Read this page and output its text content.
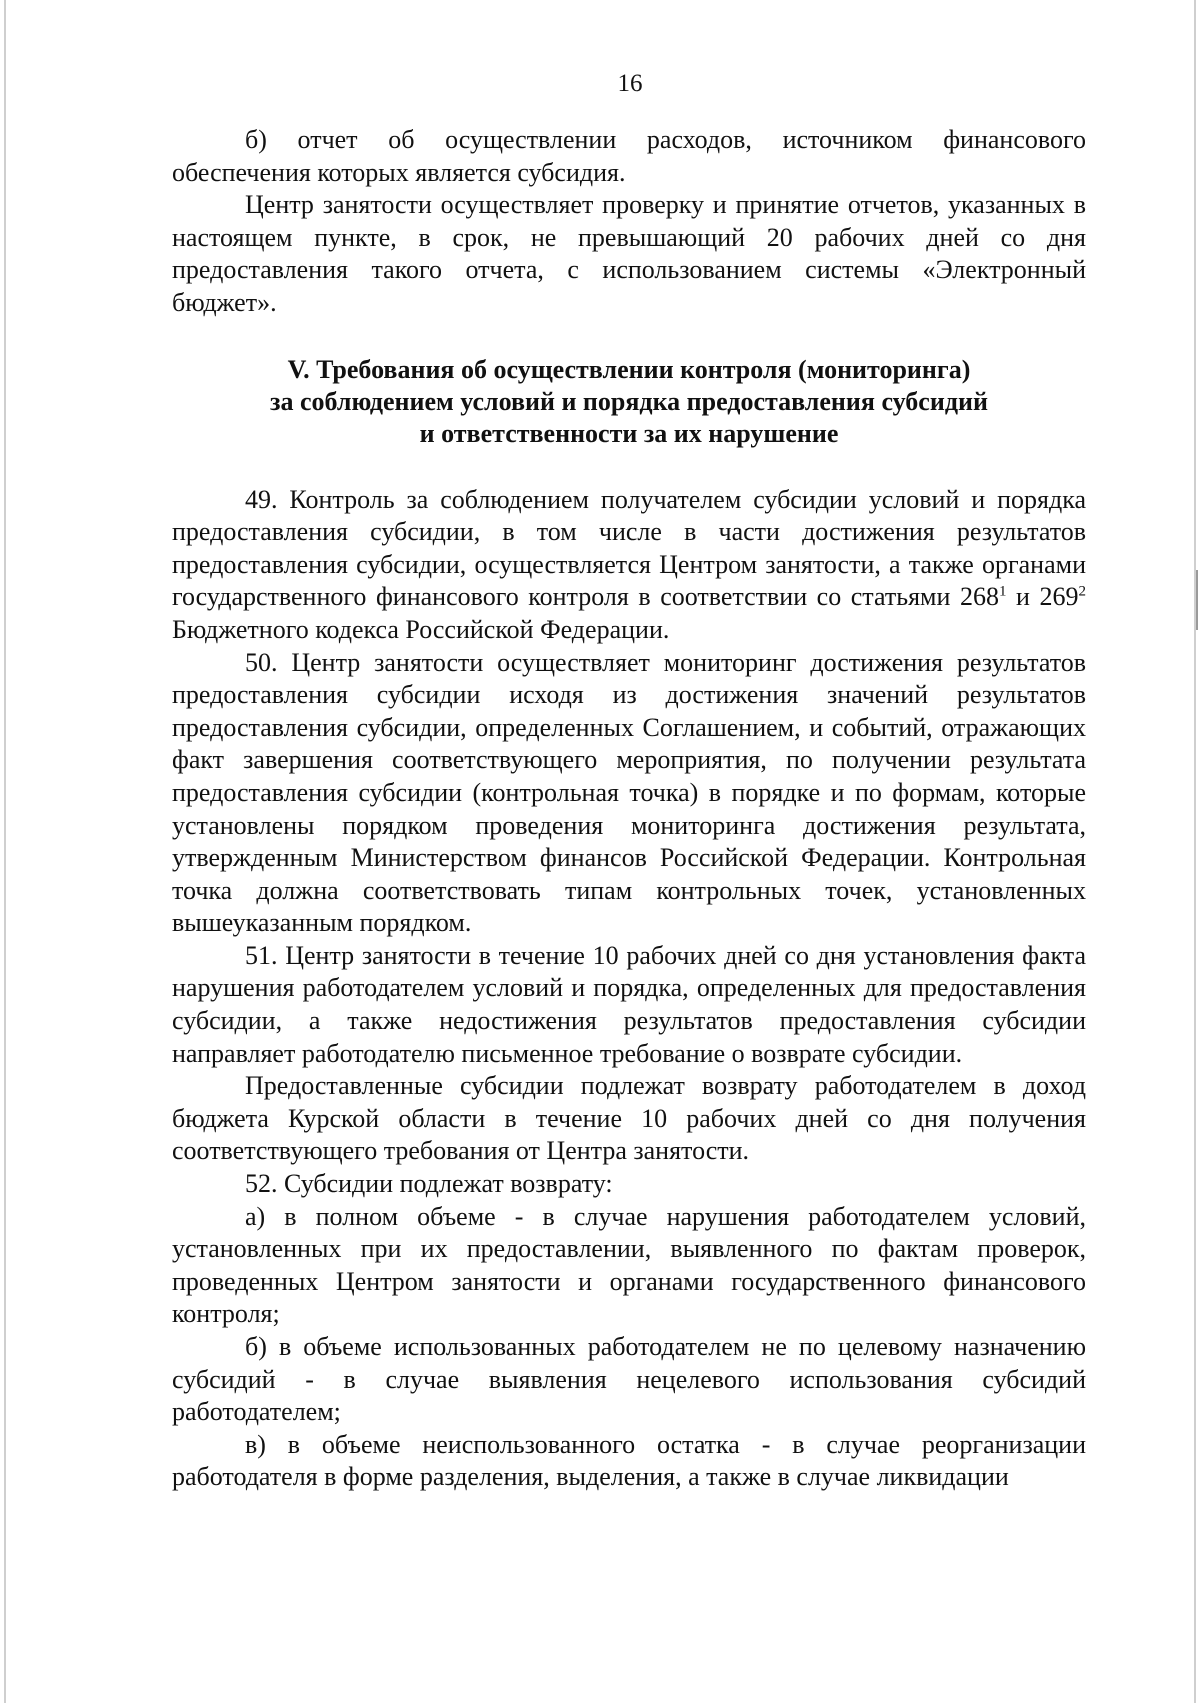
16

б) отчет об осуществлении расходов, источником финансового обеспечения которых является субсидия.

Центр занятости осуществляет проверку и принятие отчетов, указанных в настоящем пункте, в срок, не превышающий 20 рабочих дней со дня предоставления такого отчета, с использованием системы «Электронный бюджет».

V. Требования об осуществлении контроля (мониторинга)
за соблюдением условий и порядка предоставления субсидий
и ответственности за их нарушение

49. Контроль за соблюдением получателем субсидии условий и порядка предоставления субсидии, в том числе в части достижения результатов предоставления субсидии, осуществляется Центром занятости, а также органами государственного финансового контроля в соответствии со статьями $268^1$ и $269^2$ Бюджетного кодекса Российской Федерации.

50. Центр занятости осуществляет мониторинг достижения результатов предоставления субсидии исходя из достижения значений результатов предоставления субсидии, определенных Соглашением, и событий, отражающих факт завершения соответствующего мероприятия, по получении результата предоставления субсидии (контрольная точка) в порядке и по формам, которые установлены порядком проведения мониторинга достижения результата, утвержденным Министерством финансов Российской Федерации. Контрольная точка должна соответствовать типам контрольных точек, установленных вышеуказанным порядком.

51. Центр занятости в течение 10 рабочих дней со дня установления факта нарушения работодателем условий и порядка, определенных для предоставления субсидии, а также недостижения результатов предоставления субсидии направляет работодателю письменное требование о возврате субсидии.

Предоставленные субсидии подлежат возврату работодателем в доход бюджета Курской области в течение 10 рабочих дней со дня получения соответствующего требования от Центра занятости.

52. Субсидии подлежат возврату:

а) в полном объеме - в случае нарушения работодателем условий, установленных при их предоставлении, выявленного по фактам проверок, проведенных Центром занятости и органами государственного финансового контроля;

б) в объеме использованных работодателем не по целевому назначению субсидий - в случае выявления нецелевого использования субсидий работодателем;

в) в объеме неиспользованного остатка - в случае реорганизации работодателя в форме разделения, выделения, а также в случае ликвидации
